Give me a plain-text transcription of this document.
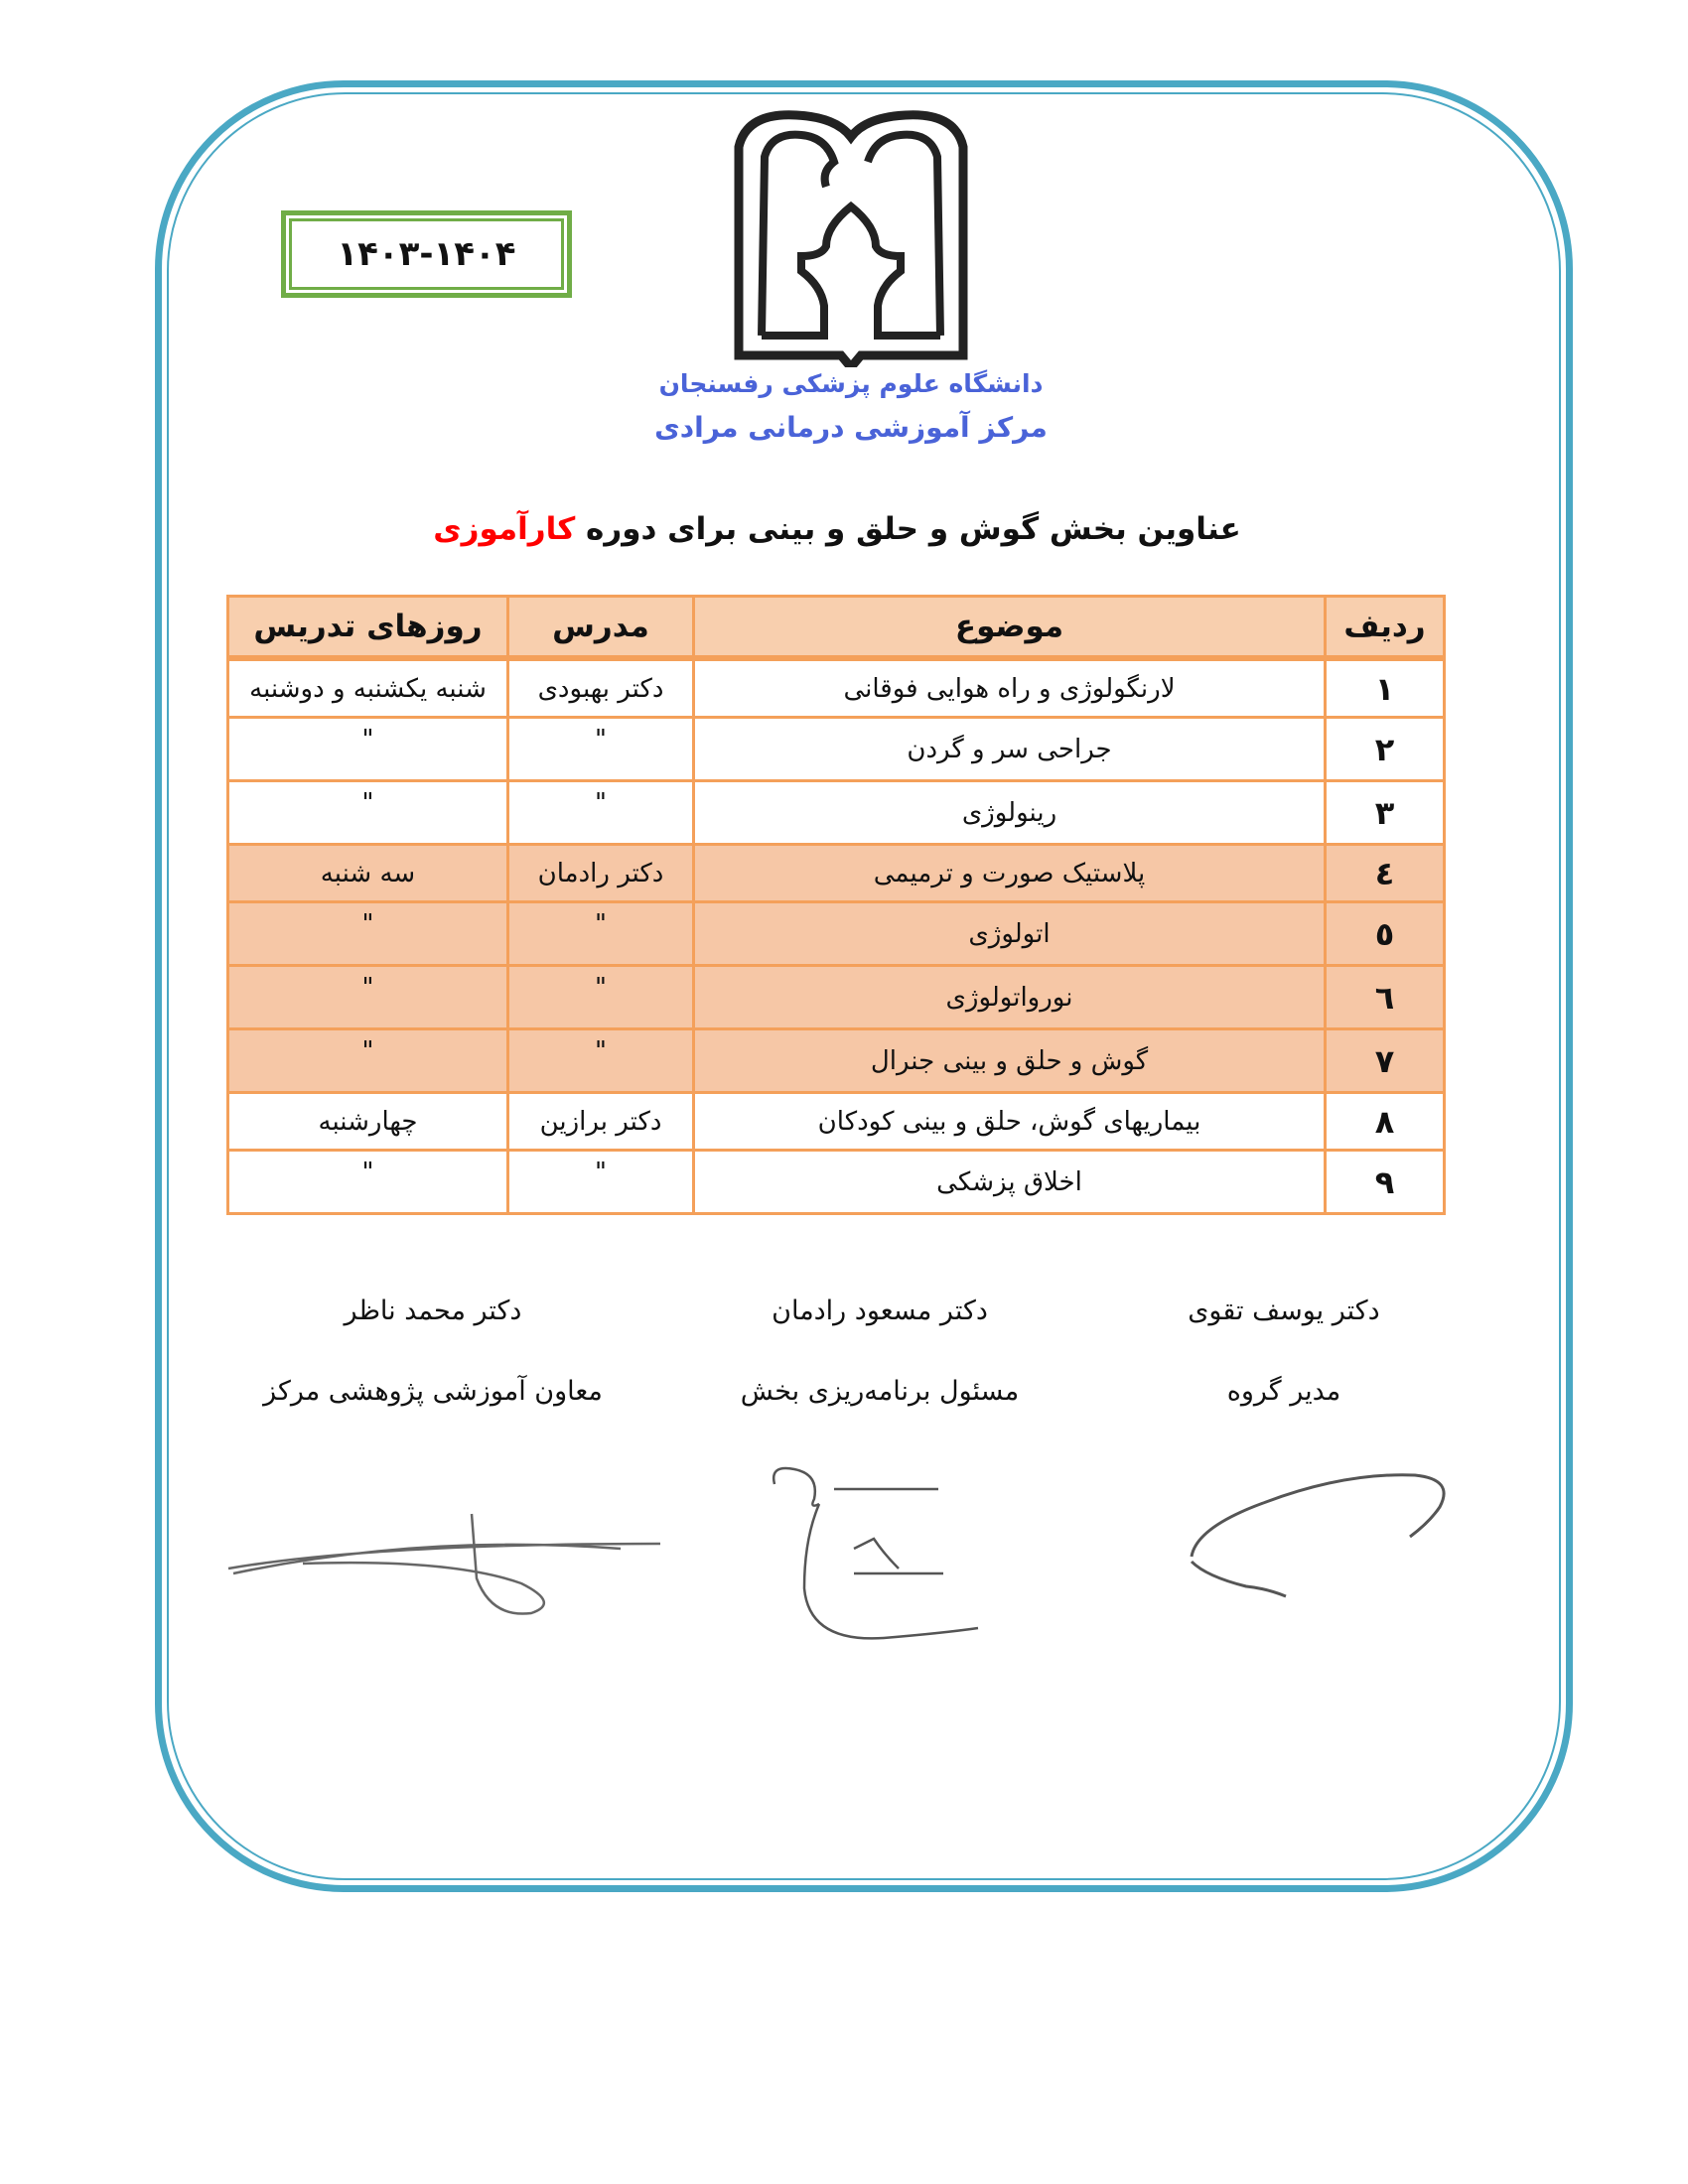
۱۴۰۳-۱۴۰۴
دانشگاه علوم پزشکی رفسنجان
مرکز آموزشی درمانی مرادی
عناوین بخش گوش و حلق و بینی برای دوره کارآموزی
ردیف	موضوع	مدرس	روزهای تدریس
۱	لارنگولوژی و راه هوایی فوقانی	دکتر بهبودی	شنبه یکشنبه و دوشنبه
۲	جراحی سر و گردن	"	"
۳	رینولوژی	"	"
٤	پلاستیک صورت و ترمیمی	دکتر رادمان	سه شنبه
٥	اتولوژی	"	"
٦	نورواتولوژی	"	"
۷	گوش و حلق و بینی جنرال	"	"
۸	بیماریهای گوش، حلق و بینی کودکان	دکتر برازین	چهارشنبه
۹	اخلاق پزشکی	"	"
دکتر یوسف تقوی
مدیر گروه
دکتر مسعود رادمان
مسئول برنامه‌ریزی بخش
دکتر محمد ناظر
معاون آموزشی پژوهشی مرکز
